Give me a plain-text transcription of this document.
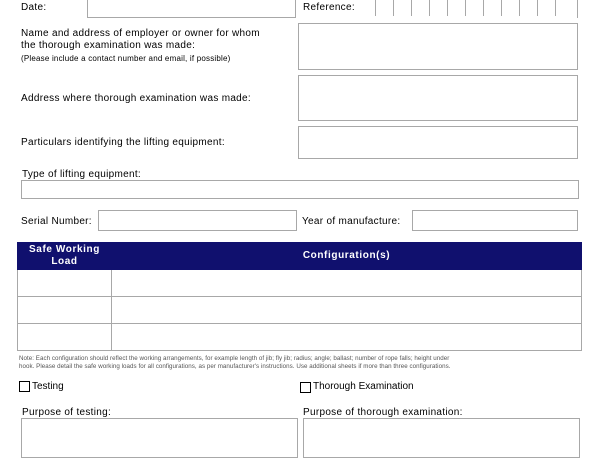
Date:	Reference:
Name and address of employer or owner for whom
the thorough examination was made:
(Please include a contact number and email, if possible)
Address where thorough examination was made:
Particulars identifying the lifting equipment:
Type of lifting equipment:
Serial Number:	Year of manufacture:
Safe Working
Load	Configuration(s)

Note: Each configuration should reflect the working arrangements, for example length of jib; fly jib; radius; angle; ballast; number of rope falls; height under
hook. Please detail the safe working loads for all configurations, as per manufacturer's instructions. Use additional sheets if more than three configurations.
Testing	Thorough Examination
Purpose of testing:	Purpose of thorough examination:
